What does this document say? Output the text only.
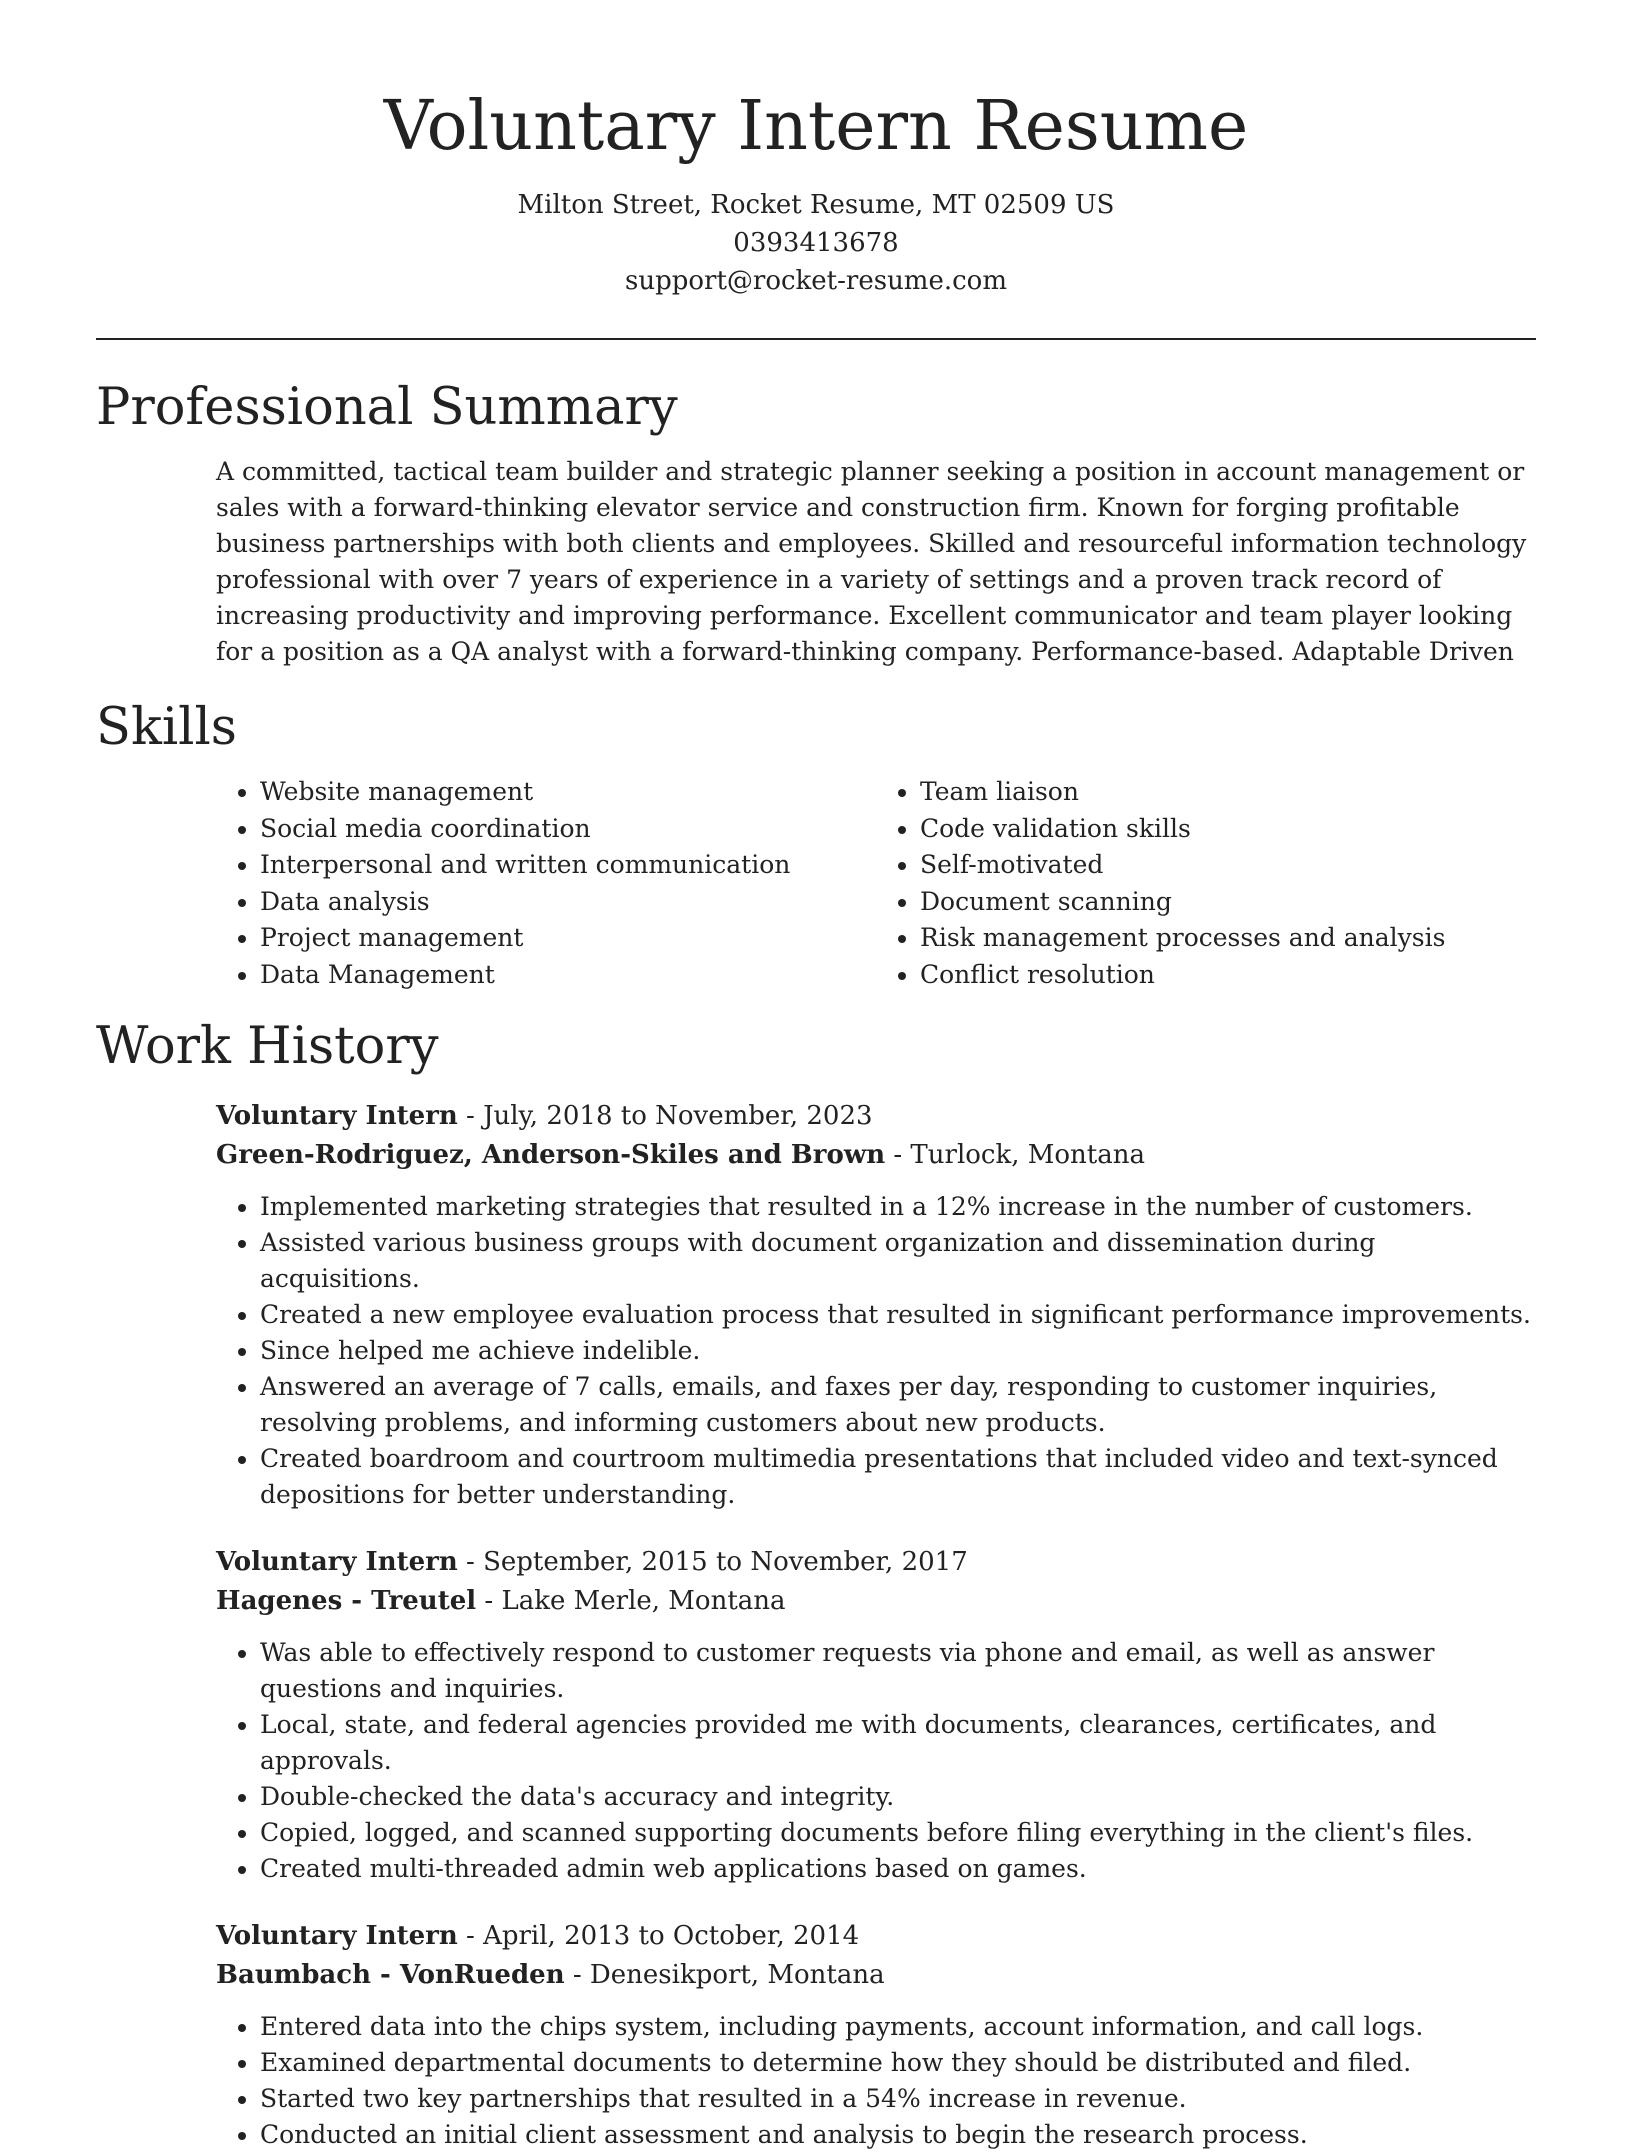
Voluntary Intern Resume
Milton Street, Rocket Resume, MT 02509 US
0393413678
support@rocket-resume.com
Professional Summary

A committed, tactical team builder and strategic planner seeking a position in account management or sales with a forward-thinking elevator service and construction firm. Known for forging profitable business partnerships with both clients and employees. Skilled and resourceful information technology professional with over 7 years of experience in a variety of settings and a proven track record of increasing productivity and improving performance. Excellent communicator and team player looking for a position as a QA analyst with a forward-thinking company. Performance-based. Adaptable Driven

Skills
• Website management
• Social media coordination
• Interpersonal and written communication
• Data analysis
• Project management
• Data Management
• Team liaison
• Code validation skills
• Self-motivated
• Document scanning
• Risk management processes and analysis
• Conflict resolution
Work History
Voluntary Intern - July, 2018 to November, 2023
Green-Rodriguez, Anderson-Skiles and Brown - Turlock, Montana
• Implemented marketing strategies that resulted in a 12% increase in the number of customers.
• Assisted various business groups with document organization and dissemination during acquisitions.
• Created a new employee evaluation process that resulted in significant performance improvements.
• Since helped me achieve indelible.
• Answered an average of 7 calls, emails, and faxes per day, responding to customer inquiries, resolving problems, and informing customers about new products.
• Created boardroom and courtroom multimedia presentations that included video and text-synced depositions for better understanding.
Voluntary Intern - September, 2015 to November, 2017
Hagenes - Treutel - Lake Merle, Montana
• Was able to effectively respond to customer requests via phone and email, as well as answer questions and inquiries.
• Local, state, and federal agencies provided me with documents, clearances, certificates, and approvals.
• Double-checked the data's accuracy and integrity.
• Copied, logged, and scanned supporting documents before filing everything in the client's files.
• Created multi-threaded admin web applications based on games.
Voluntary Intern - April, 2013 to October, 2014
Baumbach - VonRueden - Denesikport, Montana
• Entered data into the chips system, including payments, account information, and call logs.
• Examined departmental documents to determine how they should be distributed and filed.
• Started two key partnerships that resulted in a 54% increase in revenue.
• Conducted an initial client assessment and analysis to begin the research process.
